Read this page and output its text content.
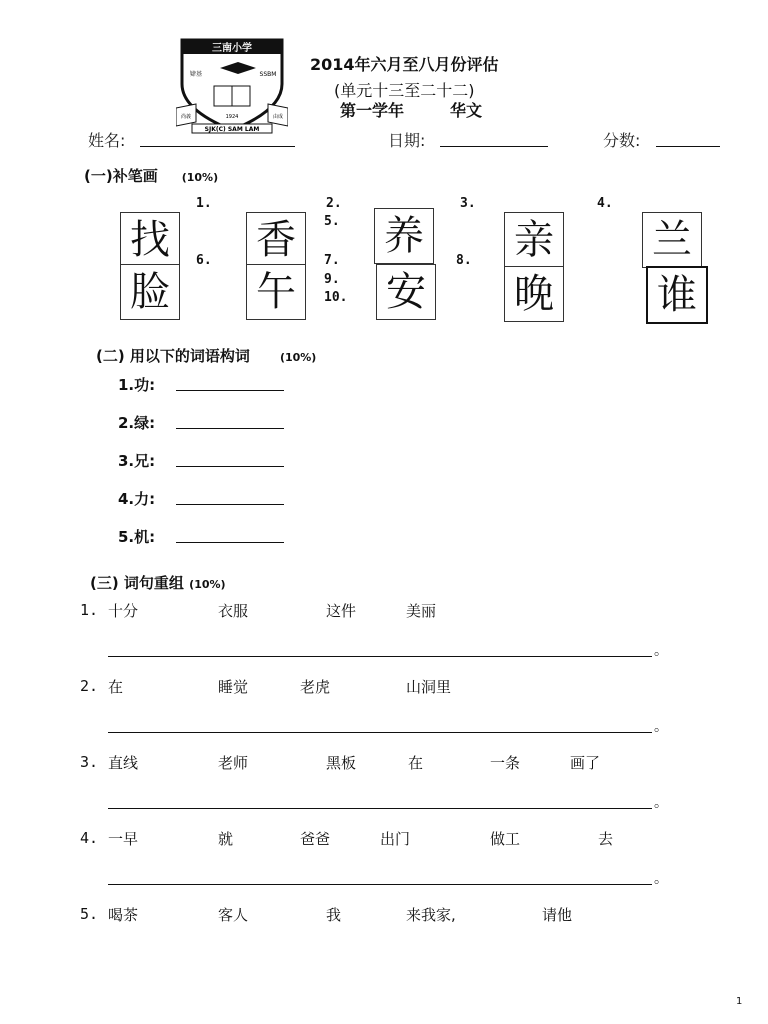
三南小学
肄基	SSBM
1924
尚義	由成
SJK(C) SAM LAM
2014年六月至八月份评估
(单元十三至二十二)
第一学年	华文
姓名:	日期:	分数:
(一)补笔画 (10%)
1.	2.	3.	4.
5.
6.	7.	8.
9.
10.
找 香 养 亲 兰
脸 午 安 晚	谁
(二) 用以下的词语构词	(10%)
1.功:
2.绿:
3.兄:
4.力:
5.机:
(三) 词句重组 (10%)
1. 十分	衣服	这件	美丽
。
2. 在	睡觉	老虎	山洞里
。
3. 直线	老师	黑板	在	一条	画了
。
4. 一早	就	爸爸	出门	做工	去
。
5. 喝茶	客人	我	来我家,	请他
1
